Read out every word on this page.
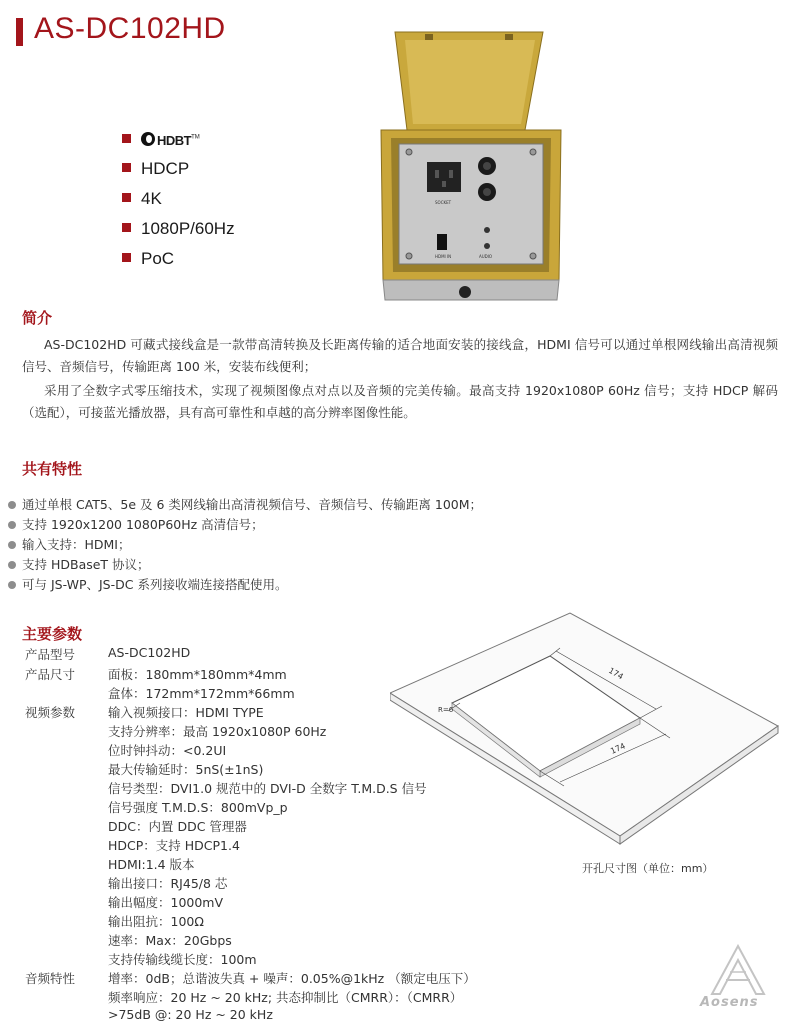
AS-DC102HD
HDBT™
HDCP
4K
1080P/60Hz
PoC
SOCKET
HDMI IN	AUDIO
简介
AS-DC102HD 可藏式接线盒是一款带高清转换及长距离传输的适合地面安装的接线盒，HDMI 信号可以通过单根网线输出高清视频信号、音频信号，传输距离 100 米，安装布线便利；
采用了全数字式零压缩技术，实现了视频图像点对点以及音频的完美传输。最高支持 1920x1080P 60Hz 信号；支持 HDCP 解码（选配），可接蓝光播放器，具有高可靠性和卓越的高分辨率图像性能。
共有特性
通过单根 CAT5、5e 及 6 类网线输出高清视频信号、音频信号、传输距离 100M；
支持 1920x1200 1080P60Hz 高清信号；
输入支持：HDMI；
支持 HDBaseT 协议；
可与 JS-WP、JS-DC 系列接收端连接搭配使用。
主要参数
产品型号	AS-DC102HD
产品尺寸	面板：180mm*180mm*4mm
盒体：172mm*172mm*66mm
视频参数	输入视频接口：HDMI TYPE
支持分辨率：最高 1920x1080P 60Hz
位时钟抖动：<0.2UI
最大传输延时：5nS(±1nS)
信号类型：DVI1.0 规范中的 DVI-D 全数字 T.M.D.S 信号
信号强度 T.M.D.S：800mVp_p
DDC：内置 DDC 管理器
HDCP：支持 HDCP1.4
HDMI:1.4 版本
输出接口：RJ45/8 芯
输出幅度：1000mV
输出阻抗：100Ω
速率：Max：20Gbps
支持传输线缆长度：100m
音频特性	增率：0dB；总谐波失真 + 噪声：0.05%@1kHz （额定电压下）
频率响应：20 Hz ~ 20 kHz; 共态抑制比（CMRR）：（CMRR）
>75dB @: 20 Hz ~ 20 kHz
174
174
R=6
开孔尺寸图（单位：mm）
Aosens
